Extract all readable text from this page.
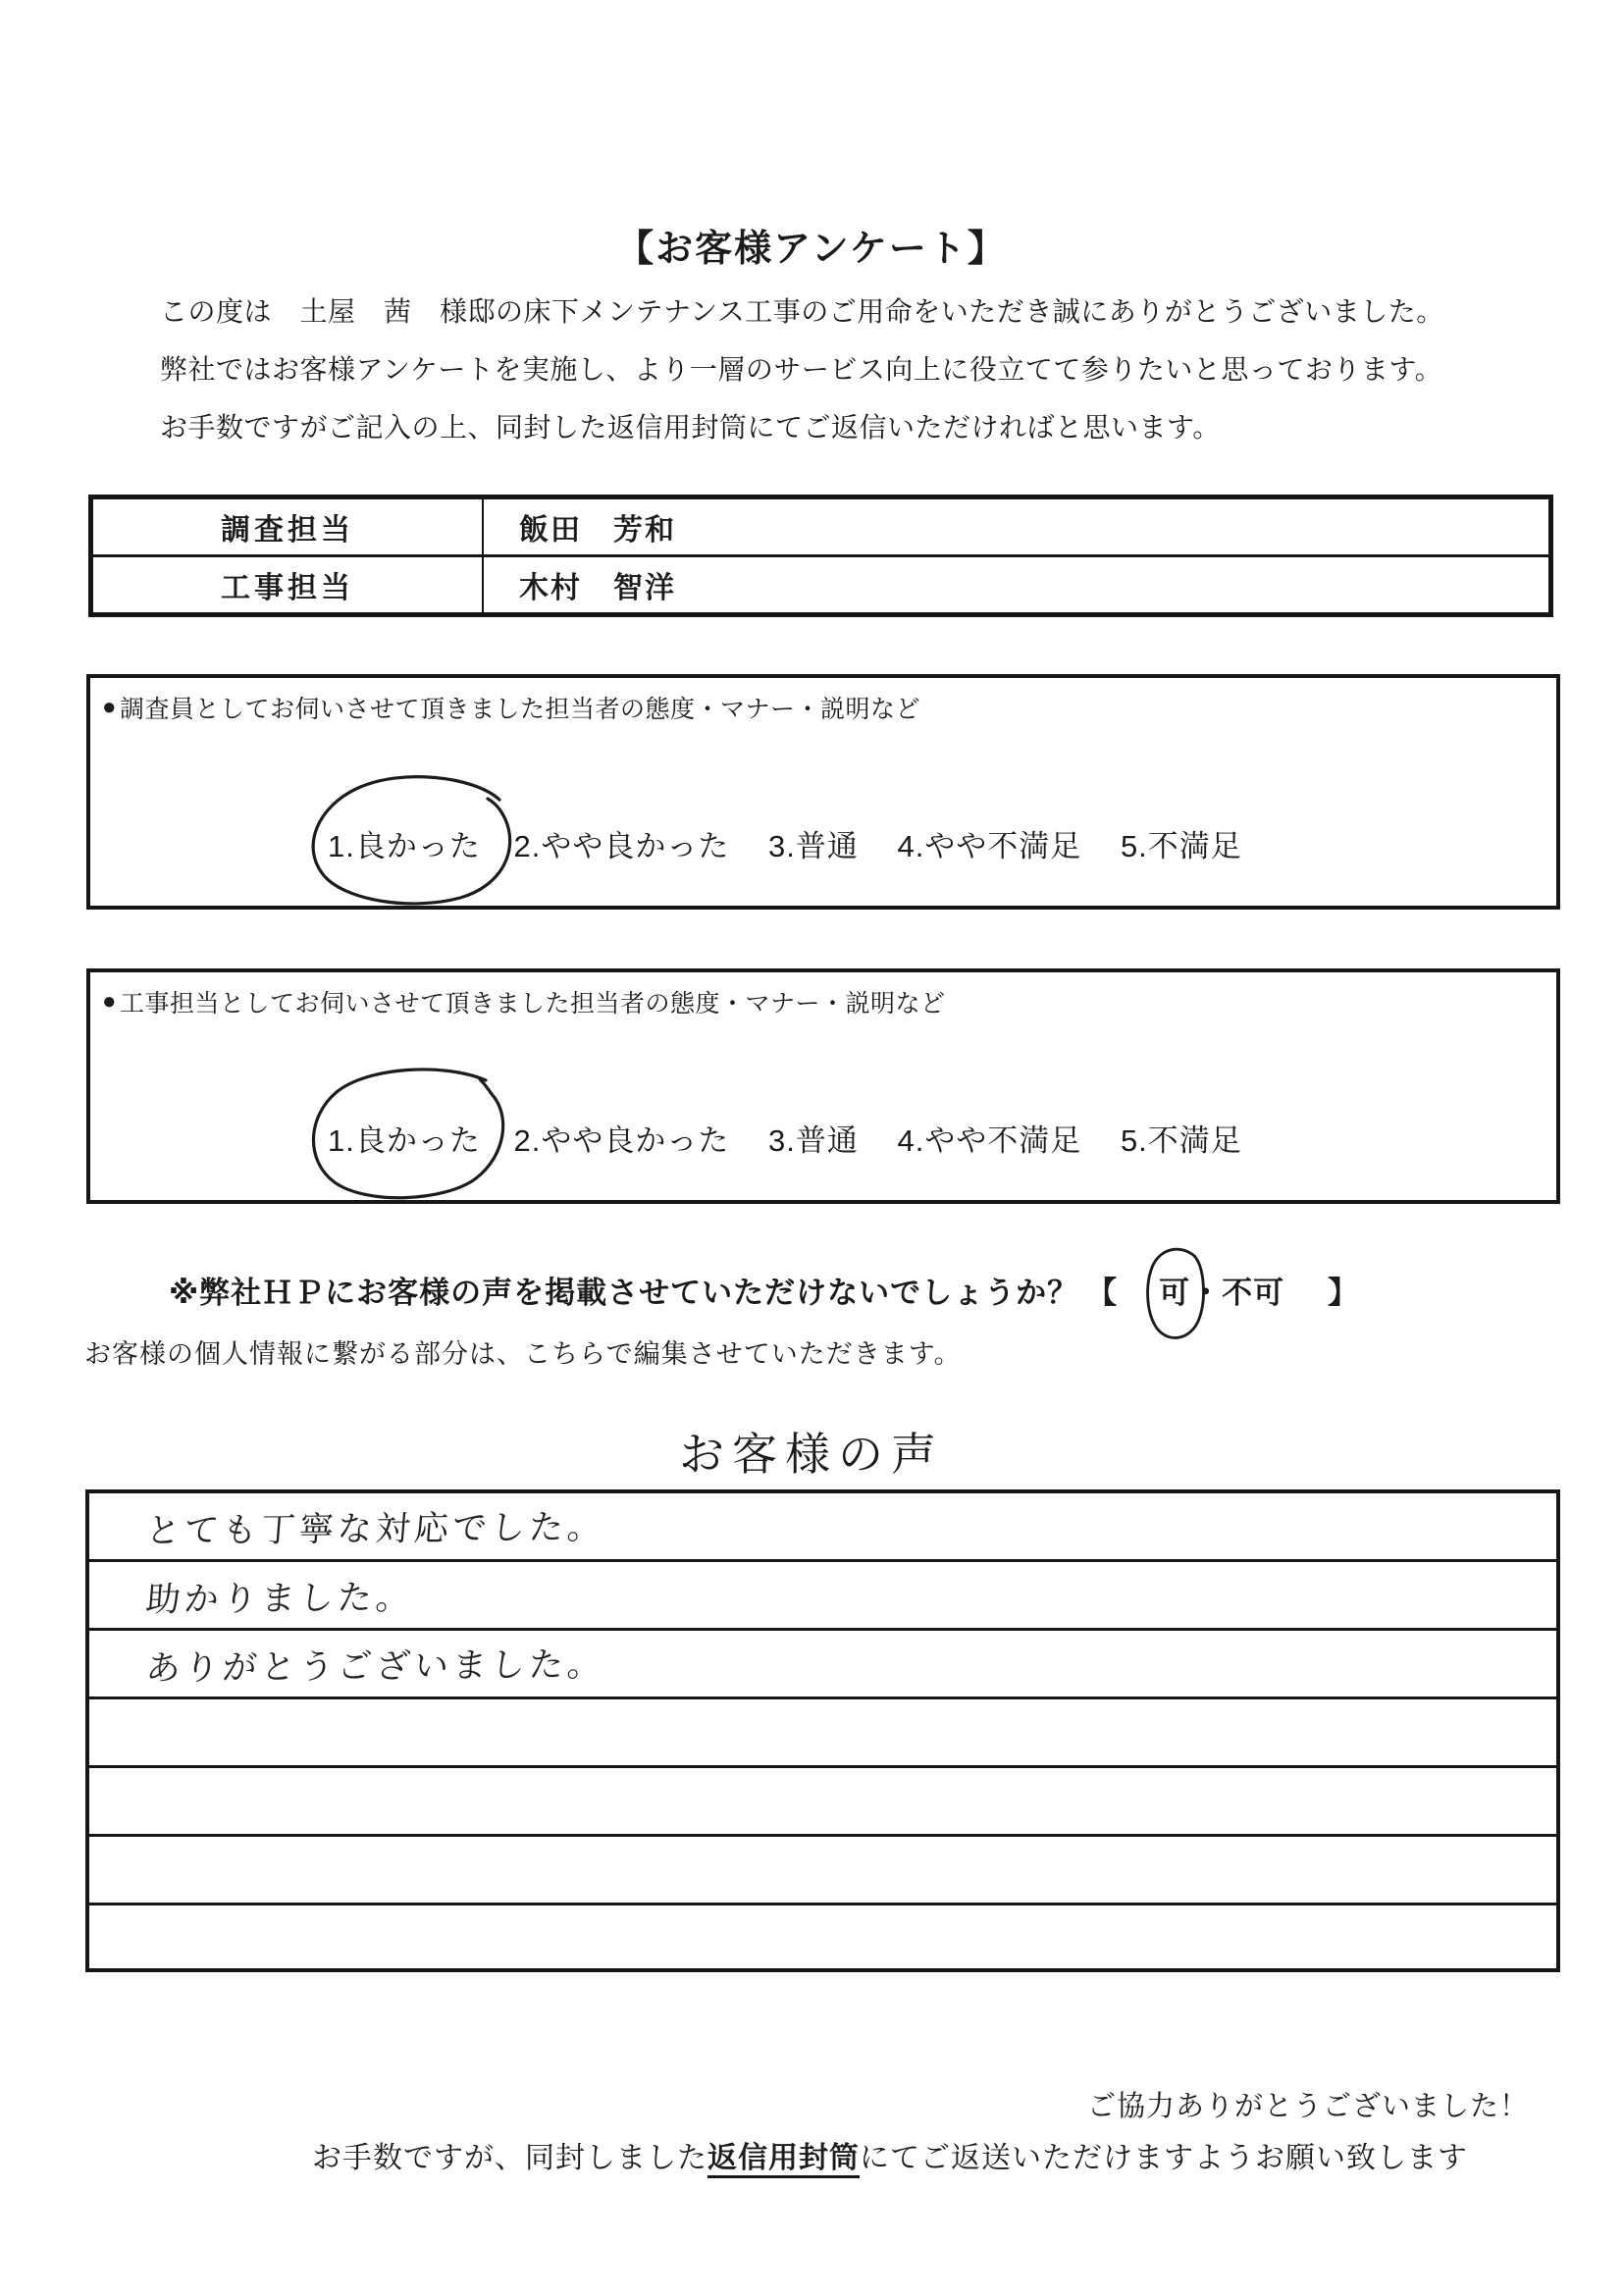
【お客様アンケート】
この度は　土屋　茜　様邸の床下メンテナンス工事のご用命をいただき誠にありがとうございました。
弊社ではお客様アンケートを実施し、より一層のサービス向上に役立てて参りたいと思っております。
お手数ですがご記入の上、同封した返信用封筒にてご返信いただければと思います。
調査担当	飯田　芳和
工事担当	木村　智洋
● 調査員としてお伺いさせて頂きました担当者の態度・マナー・説明など
1.良かった 2.やや良かった 3.普通 4.やや不満足 5.不満足
● 工事担当としてお伺いさせて頂きました担当者の態度・マナー・説明など
1.良かった 2.やや良かった 3.普通 4.やや不満足 5.不満足
※弊社ＨＰにお客様の声を掲載させていただけないでしょうか？ 【 可・不可 】
お客様の個人情報に繋がる部分は、こちらで編集させていただきます。
お客様の声
とても丁寧な対応でした。
助かりました。
ありがとうございました。
ご協力ありがとうございました！
お手数ですが、同封しました返信用封筒にてご返送いただけますようお願い致します
